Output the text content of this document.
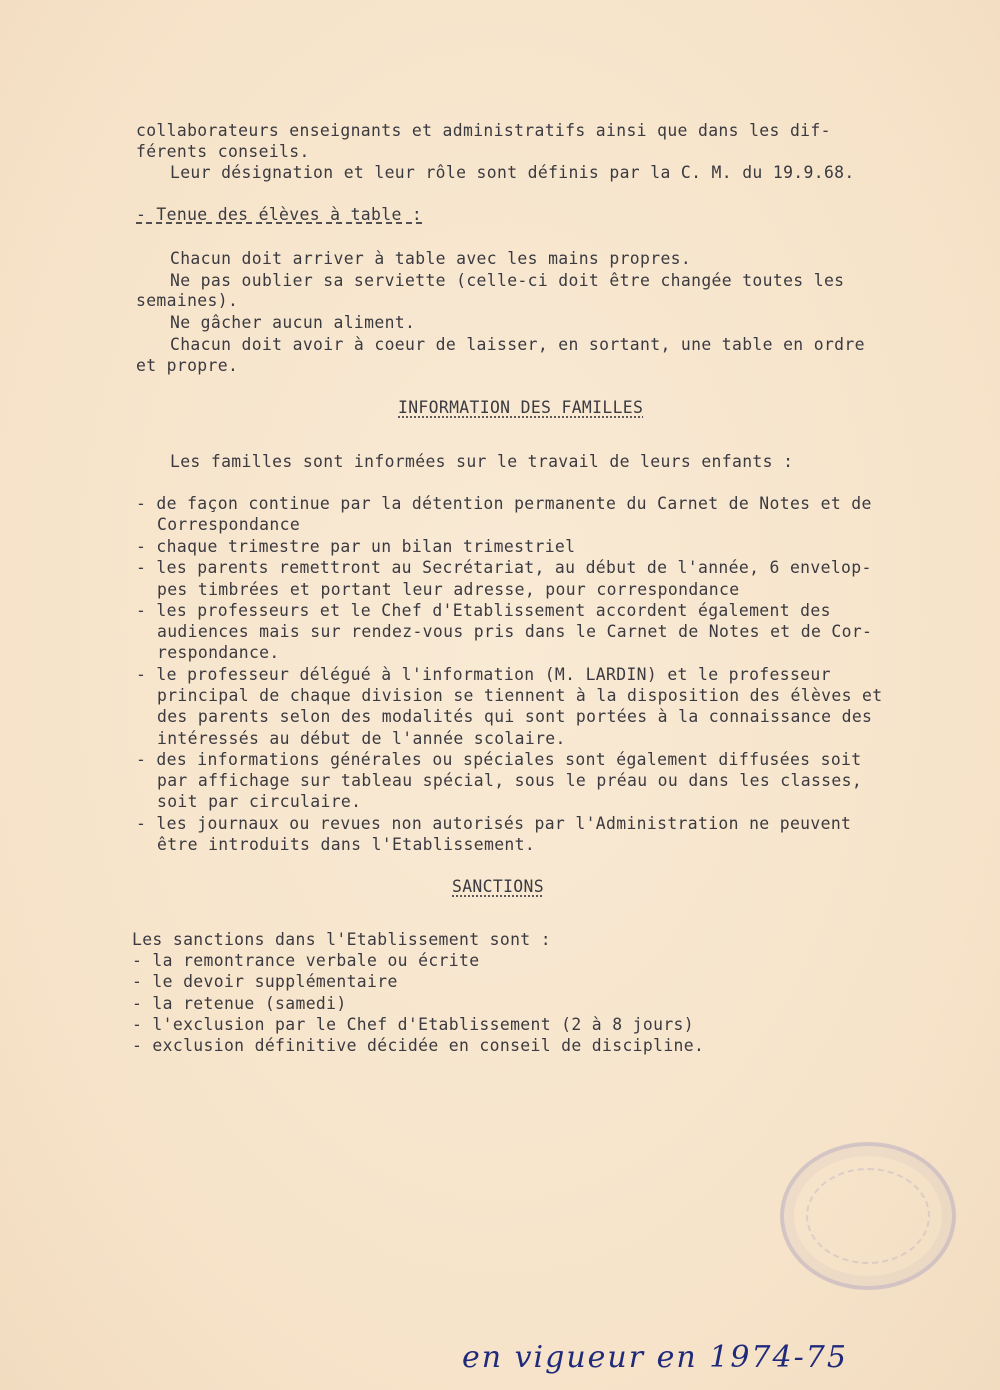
collaborateurs enseignants et administratifs ainsi que dans les dif-
férents conseils.
Leur désignation et leur rôle sont définis par la C. M. du 19.9.68.
- Tenue des élèves à table :
Chacun doit arriver à table avec les mains propres.
Ne pas oublier sa serviette (celle-ci doit être changée toutes les
semaines).
Ne gâcher aucun aliment.
Chacun doit avoir à coeur de laisser, en sortant, une table en ordre
et propre.
INFORMATION DES FAMILLES
Les familles sont informées sur le travail de leurs enfants :
- de façon continue par la détention permanente du Carnet de Notes et de
Correspondance
- chaque trimestre par un bilan trimestriel
- les parents remettront au Secrétariat, au début de l'année, 6 envelop-
pes timbrées et portant leur adresse, pour correspondance
- les professeurs et le Chef d'Etablissement accordent également des
audiences mais sur rendez-vous pris dans le Carnet de Notes et de Cor-
respondance.
- le professeur délégué à l'information (M. LARDIN) et le professeur
principal de chaque division se tiennent à la disposition des élèves et
des parents selon des modalités qui sont portées à la connaissance des
intéressés au début de l'année scolaire.
- des informations générales ou spéciales sont également diffusées soit
par affichage sur tableau spécial, sous le préau ou dans les classes,
soit par circulaire.
- les journaux ou revues non autorisés par l'Administration ne peuvent
être introduits dans l'Etablissement.
SANCTIONS
Les sanctions dans l'Etablissement sont :
- la remontrance verbale ou écrite
- le devoir supplémentaire
- la retenue (samedi)
- l'exclusion par le Chef d'Etablissement (2 à 8 jours)
- exclusion définitive décidée en conseil de discipline.
en vigueur en 1974-75
